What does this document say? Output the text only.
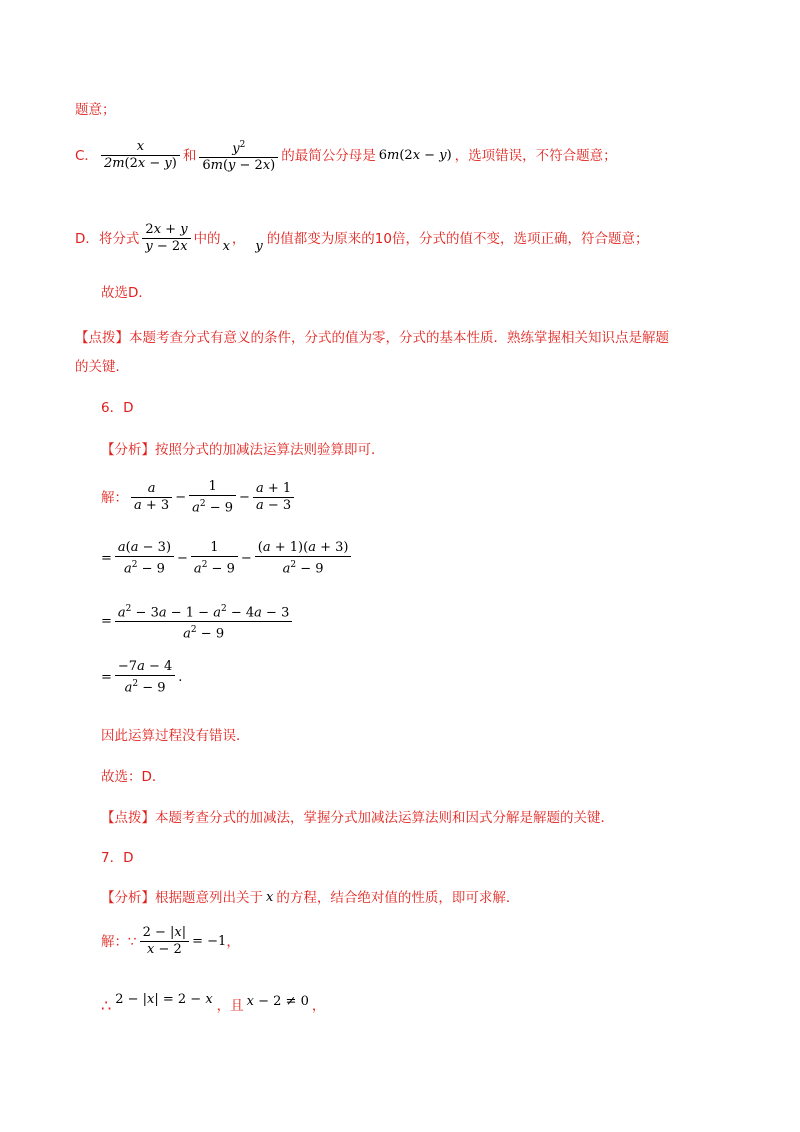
题意；
C． $\frac{x}{2m(2x - y)}$ 和 $\frac{y^2}{6m(y - 2x)}$ 的最简公分母是 6m(2x − y) ，选项错误，不符合题意；
D．将分式 $\frac{2x + y}{y - 2x}$ 中的 x ， y 的值都变为原来的10倍，分式的值不变，选项正确，符合题意；
故选D．
【点拨】本题考查分式有意义的条件，分式的值为零，分式的基本性质．熟练掌握相关知识点是解题
的关键．
6．D
【分析】按照分式的加减法运算法则验算即可．
解： $\frac{a}{a + 3} - \frac{1}{a^2 - 9} - \frac{a + 1}{a - 3}$
= $\frac{a(a - 3)}{a^2 - 9} - \frac{1}{a^2 - 9} - \frac{(a + 1)(a + 3)}{a^2 - 9}$
= $\frac{a^2 - 3a - 1 - a^2 - 4a - 3}{a^2 - 9}$
= $\frac{-7a - 4}{a^2 - 9}$ .
因此运算过程没有错误．
故选：D．
【点拨】本题考查分式的加减法，掌握分式加减法运算法则和因式分解是解题的关键．
7．D
【分析】根据题意列出关于 x 的方程，结合绝对值的性质，即可求解．
解：∵ $\frac{2 - |x|}{x - 2} = -1$ ，
∴ 2 − |x| = 2 − x ，且 x − 2 ≠ 0 ，
